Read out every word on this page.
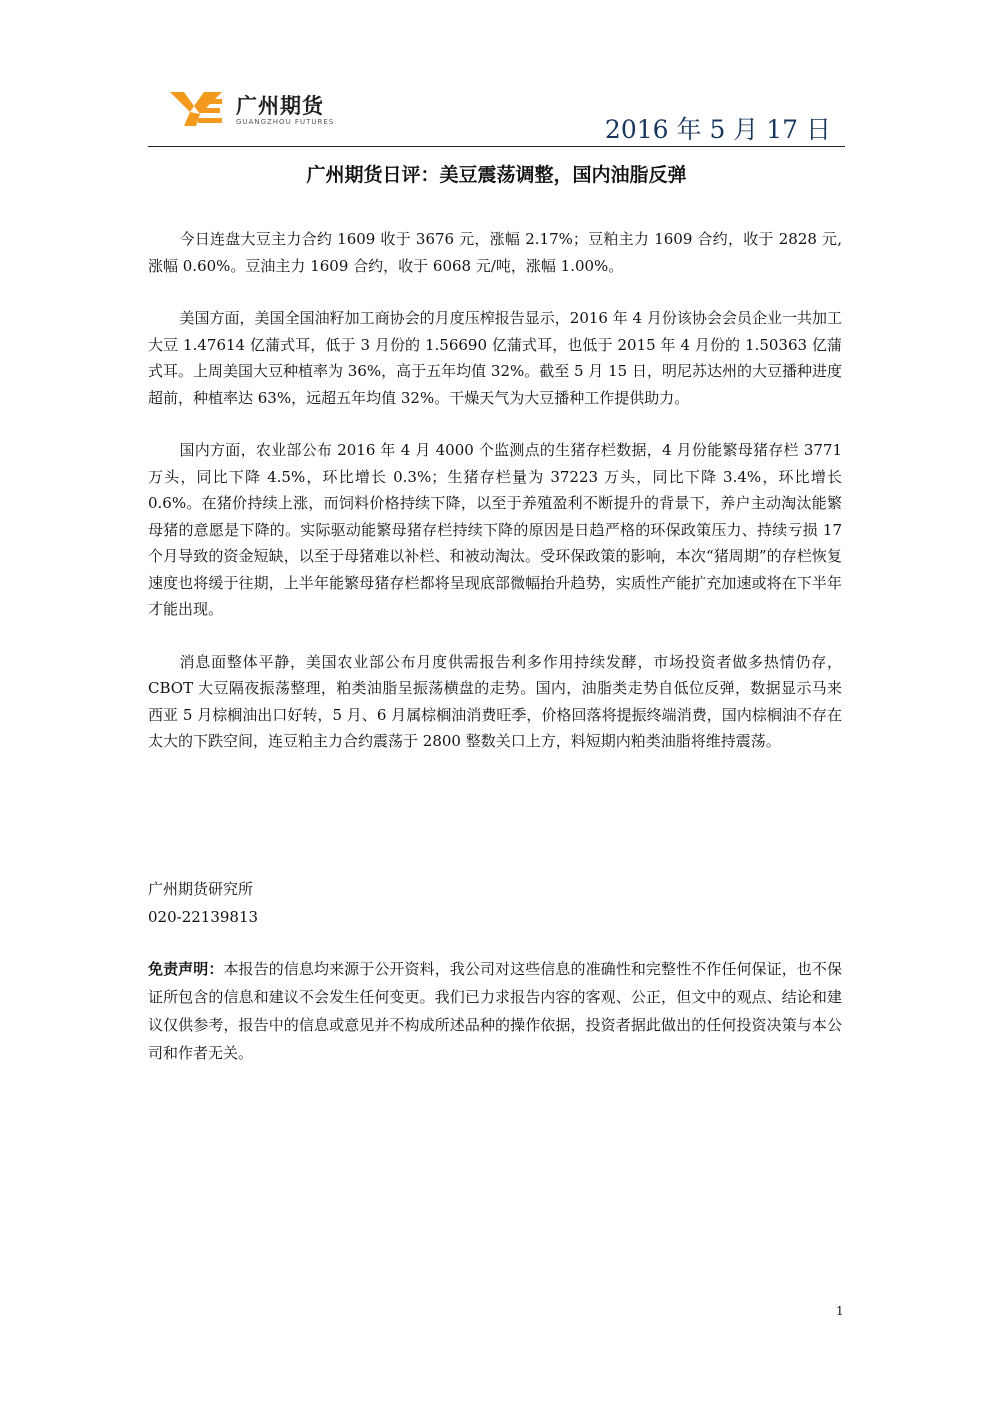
广州期货
GUANGZHOU FUTURES	2016 年 5 月 17 日
广州期货日评：美豆震荡调整，国内油脂反弹

今日连盘大豆主力合约 1609 收于 3676 元，涨幅 2.17%；豆粕主力 1609 合约，收于 2828 元, 涨幅 0.60%。豆油主力 1609 合约，收于 6068 元/吨，涨幅 1.00%。

美国方面，美国全国油籽加工商协会的月度压榨报告显示，2016 年 4 月份该协会会员企业一共加工大豆 1.47614 亿蒲式耳，低于 3 月份的 1.56690 亿蒲式耳，也低于 2015 年 4 月份的 1.50363 亿蒲式耳。上周美国大豆种植率为 36%，高于五年均值 32%。截至 5 月 15 日，明尼苏达州的大豆播种进度超前，种植率达 63%，远超五年均值 32%。干燥天气为大豆播种工作提供助力。

国内方面，农业部公布 2016 年 4 月 4000 个监测点的生猪存栏数据，4 月份能繁母猪存栏 3771 万头，同比下降 4.5%，环比增长 0.3%；生猪存栏量为 37223 万头，同比下降 3.4%，环比增长 0.6%。在猪价持续上涨，而饲料价格持续下降，以至于养殖盈利不断提升的背景下，养户主动淘汰能繁母猪的意愿是下降的。实际驱动能繁母猪存栏持续下降的原因是日趋严格的环保政策压力、持续亏损 17 个月导致的资金短缺，以至于母猪难以补栏、和被动淘汰。受环保政策的影响，本次“猪周期”的存栏恢复速度也将缓于往期，上半年能繁母猪存栏都将呈现底部微幅抬升趋势，实质性产能扩充加速或将在下半年才能出现。

消息面整体平静，美国农业部公布月度供需报告利多作用持续发酵，市场投资者做多热情仍存，CBOT 大豆隔夜振荡整理，粕类油脂呈振荡横盘的走势。国内，油脂类走势自低位反弹，数据显示马来西亚 5 月棕榈油出口好转，5 月、6 月属棕榈油消费旺季，价格回落将提振终端消费，国内棕榈油不存在太大的下跌空间，连豆粕主力合约震荡于 2800 整数关口上方，料短期内粕类油脂将维持震荡。

广州期货研究所
020-22139813
免责声明：本报告的信息均来源于公开资料，我公司对这些信息的准确性和完整性不作任何保证，也不保证所包含的信息和建议不会发生任何变更。我们已力求报告内容的客观、公正，但文中的观点、结论和建议仅供参考，报告中的信息或意见并不构成所述品种的操作依据，投资者据此做出的任何投资决策与本公司和作者无关。
1
